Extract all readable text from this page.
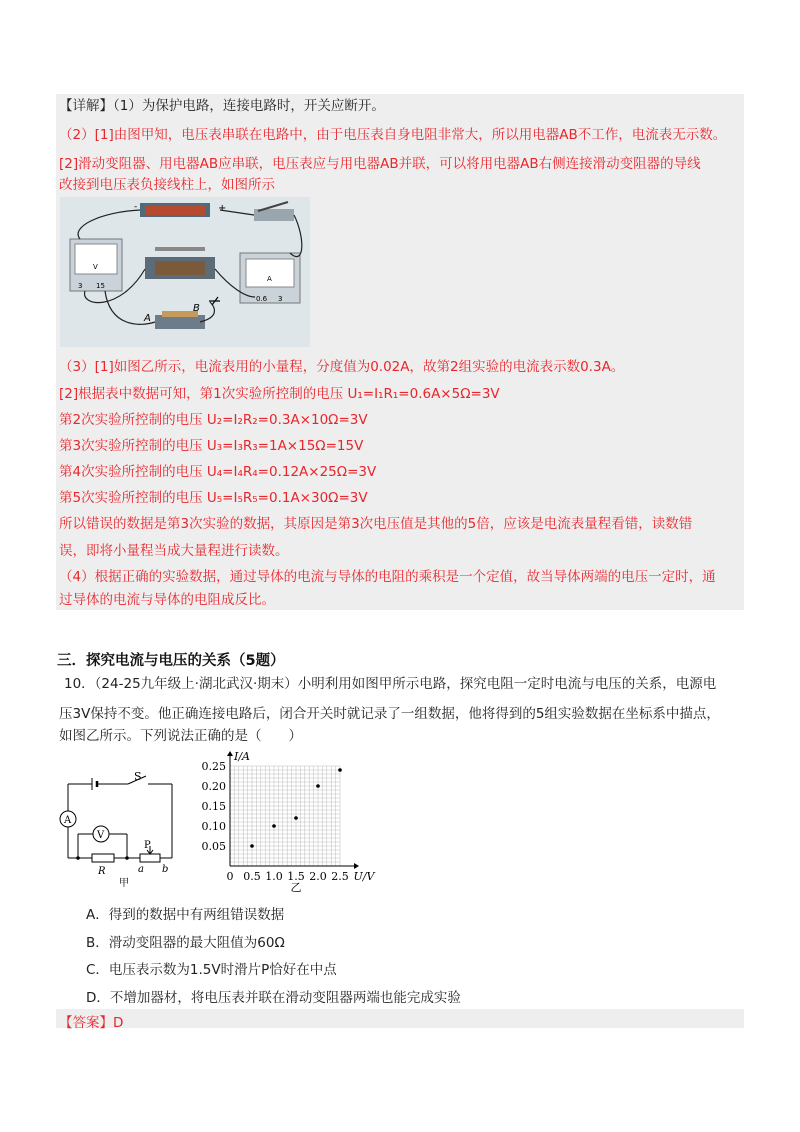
【详解】（1）为保护电路，连接电路时，开关应断开。
（2）[1]由图甲知，电压表串联在电路中，由于电压表自身电阻非常大，所以用电器AB不工作，电流表无示数。
[2]滑动变阻器、用电器AB应串联，电压表应与用电器AB并联，可以将用电器AB右侧连接滑动变阻器的导线
改接到电压表负接线柱上，如图所示
-	+
V
3 15
A
0.6 3
A
B
（3）[1]如图乙所示，电流表用的小量程，分度值为0.02A，故第2组实验的电流表示数0.3A。
[2]根据表中数据可知，第1次实验所控制的电压 U₁=I₁R₁=0.6A×5Ω=3V
第2次实验所控制的电压 U₂=I₂R₂=0.3A×10Ω=3V
第3次实验所控制的电压 U₃=I₃R₃=1A×15Ω=15V
第4次实验所控制的电压 U₄=I₄R₄=0.12A×25Ω=3V
第5次实验所控制的电压 U₅=I₅R₅=0.1A×30Ω=3V
所以错误的数据是第3次实验的数据，其原因是第3次电压值是其他的5倍，应该是电流表量程看错，读数错
误，即将小量程当成大量程进行读数。
（4）根据正确的实验数据，通过导体的电流与导体的电阻的乘积是一个定值，故当导体两端的电压一定时，通
过导体的电流与导体的电阻成反比。
三．探究电流与电压的关系（5题）
10．（24-25九年级上·湖北武汉·期末）小明利用如图甲所示电路，探究电阻一定时电流与电压的关系，电源电
压3V保持不变。他正确连接电路后，闭合开关时就记录了一组数据，他将得到的5组实验数据在坐标系中描点，
如图乙所示。下列说法正确的是（　　）
S
A
V
P
R	a b
甲
0.05
0.10
0.15
0.20
0.25
0 0.5 1.0 1.5 2.0 2.5 U/V
I/A
乙
A．得到的数据中有两组错误数据
B．滑动变阻器的最大阻值为60Ω
C．电压表示数为1.5V时滑片P恰好在中点
D．不增加器材，将电压表并联在滑动变阻器两端也能完成实验
【答案】D
